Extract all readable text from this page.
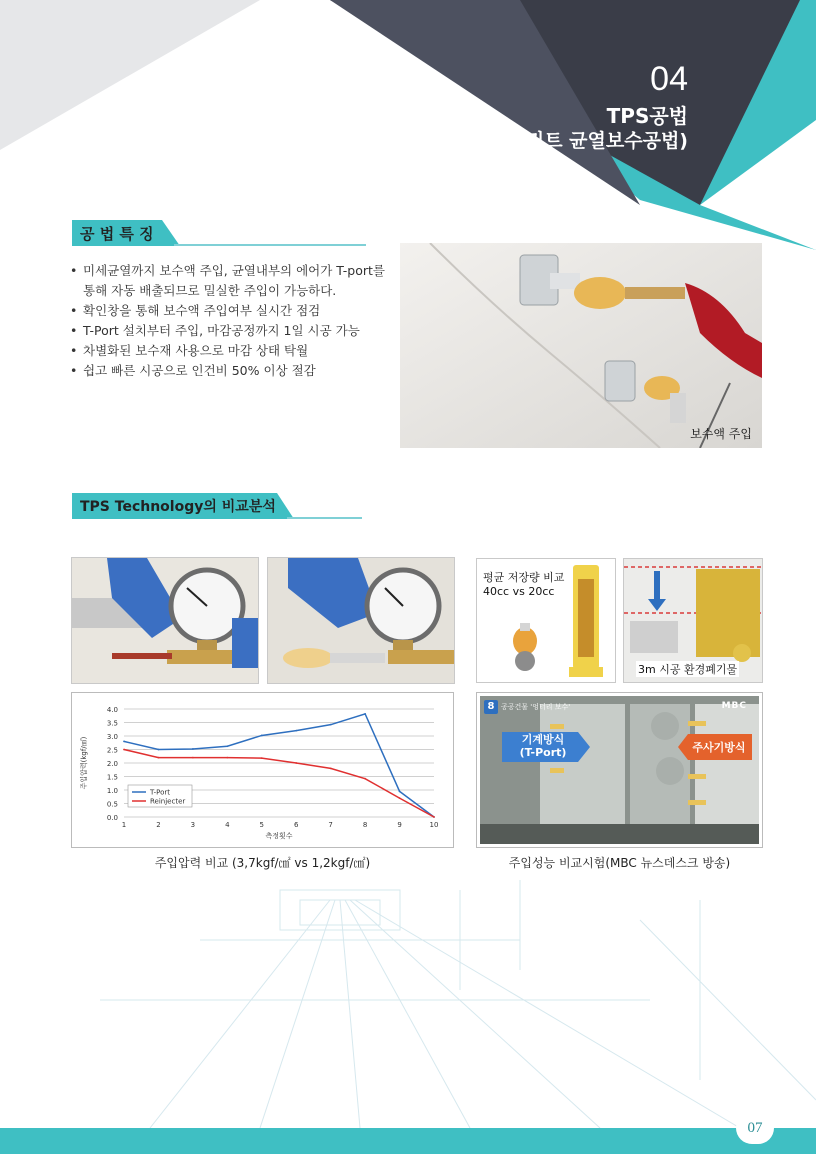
04
TPS공법
(콘크리트 균열보수공법)
공 법 특 징
• 미세균열까지 보수액 주입, 균열내부의 에어가 T-port를 통해 자동 배출되므로 밀실한 주입이 가능하다.
• 확인창을 통해 보수액 주입여부 실시간 점검
• T-Port 설치부터 주입, 마감공정까지 1일 시공 가능
• 차별화된 보수재 사용으로 마감 상태 탁월
• 쉽고 빠른 시공으로 인건비 50% 이상 절감
보수액 주입
TPS Technology의 비교분석
평균 저장량 비교
40cc vs 20cc
3m 시공 환경폐기물
0.0
0.5
1.0
1.5
2.0
2.5
3.0
3.5
4.0
1	2	3	4	5	6	7	8	9	10
측정횟수
주입압력(kgf/㎠)
T-Port
Reinjecter
주입압력 비교 (3,7kgf/㎠ vs 1,2kgf/㎠)
8 공공건물 '엉터리 보수'	MBC
기계방식
(T-Port)	주사기방식
주입성능 비교시험(MBC 뉴스데스크 방송)
07
